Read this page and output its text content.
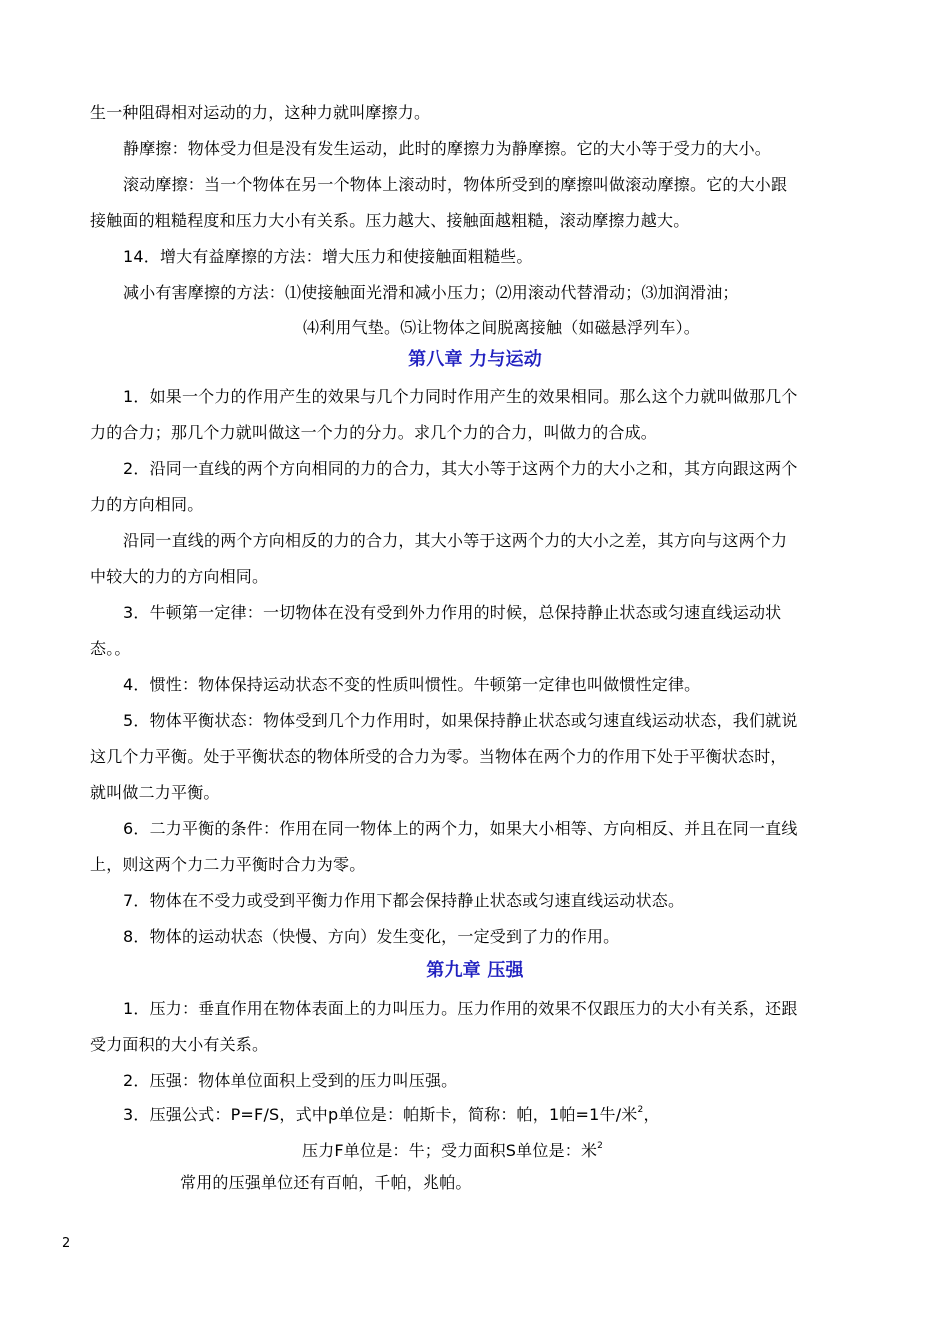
生一种阻碍相对运动的力，这种力就叫摩擦力。
静摩擦：物体受力但是没有发生运动，此时的摩擦力为静摩擦。它的大小等于受力的大小。
滚动摩擦：当一个物体在另一个物体上滚动时，物体所受到的摩擦叫做滚动摩擦。它的大小跟
接触面的粗糙程度和压力大小有关系。压力越大、接触面越粗糙，滚动摩擦力越大。
14．增大有益摩擦的方法：增大压力和使接触面粗糙些。
减小有害摩擦的方法：⑴使接触面光滑和减小压力；⑵用滚动代替滑动；⑶加润滑油；
⑷利用气垫。⑸让物体之间脱离接触（如磁悬浮列车）。
第八章 力与运动
1．如果一个力的作用产生的效果与几个力同时作用产生的效果相同。那么这个力就叫做那几个
力的合力；那几个力就叫做这一个力的分力。求几个力的合力，叫做力的合成。
2．沿同一直线的两个方向相同的力的合力，其大小等于这两个力的大小之和，其方向跟这两个
力的方向相同。
沿同一直线的两个方向相反的力的合力，其大小等于这两个力的大小之差，其方向与这两个力
中较大的力的方向相同。
3．牛顿第一定律：一切物体在没有受到外力作用的时候，总保持静止状态或匀速直线运动状
态。。
4．惯性：物体保持运动状态不变的性质叫惯性。牛顿第一定律也叫做惯性定律。
5．物体平衡状态：物体受到几个力作用时，如果保持静止状态或匀速直线运动状态，我们就说
这几个力平衡。处于平衡状态的物体所受的合力为零。当物体在两个力的作用下处于平衡状态时，
就叫做二力平衡。
6．二力平衡的条件：作用在同一物体上的两个力，如果大小相等、方向相反、并且在同一直线
上，则这两个力二力平衡时合力为零。
7．物体在不受力或受到平衡力作用下都会保持静止状态或匀速直线运动状态。
8．物体的运动状态（快慢、方向）发生变化，一定受到了力的作用。
第九章 压强
1．压力：垂直作用在物体表面上的力叫压力。压力作用的效果不仅跟压力的大小有关系，还跟
受力面积的大小有关系。
2．压强：物体单位面积上受到的压力叫压强。
3．压强公式：P=F/S，式中p单位是：帕斯卡，简称：帕，1帕=1牛/米$^2$，
压力F单位是：牛；受力面积S单位是：米$^2$
常用的压强单位还有百帕，千帕，兆帕。
2
